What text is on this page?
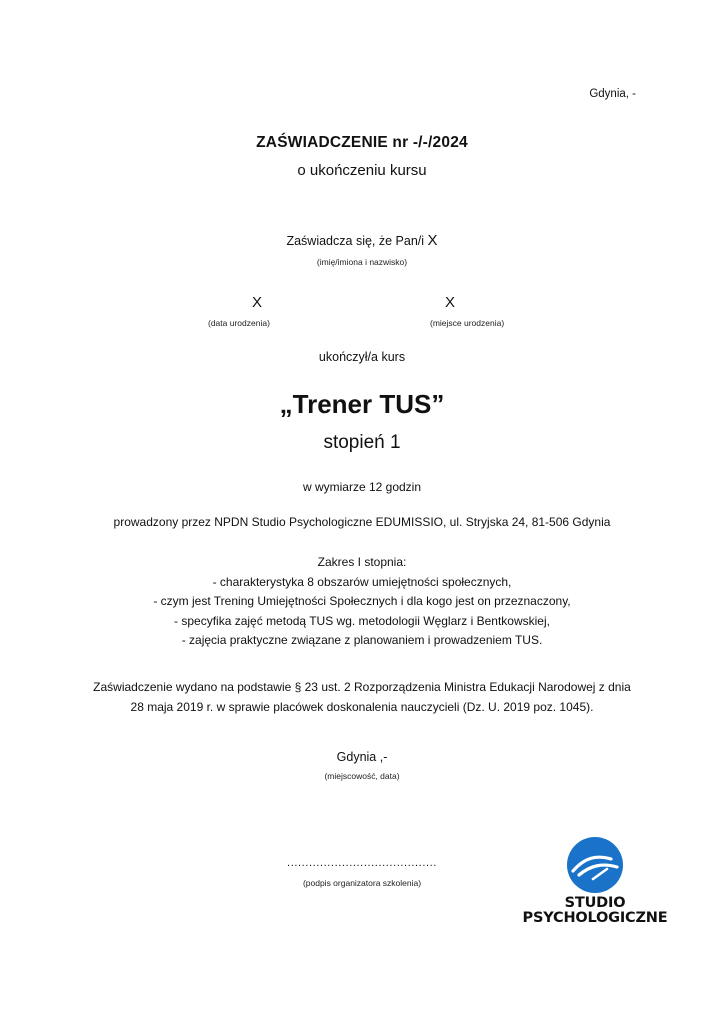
Gdynia, -
ZAŚWIADCZENIE nr -/-/2024
o ukończeniu kursu
Zaświadcza się, że Pan/i X
(imię/imiona i nazwisko)
X	X
(data urodzenia)	(miejsce urodzenia)
ukończył/a kurs
„Trener TUS”
stopień 1
w wymiarze 12 godzin
prowadzony przez NPDN Studio Psychologiczne EDUMISSIO, ul. Stryjska 24, 81-506 Gdynia
Zakres I stopnia:
- charakterystyka 8 obszarów umiejętności społecznych,
- czym jest Trening Umiejętności Społecznych i dla kogo jest on przeznaczony,
- specyfika zajęć metodą TUS wg. metodologii Węglarz i Bentkowskiej,
- zajęcia praktyczne związane z planowaniem i prowadzeniem TUS.
Zaświadczenie wydano na podstawie § 23 ust. 2 Rozporządzenia Ministra Edukacji Narodowej z dnia
28 maja 2019 r. w sprawie placówek doskonalenia nauczycieli (Dz. U. 2019 poz. 1045).
Gdynia ,-
(miejscowość, data)
.........................................
(podpis organizatora szkolenia)
STUDIO
PSYCHOLOGICZNE
